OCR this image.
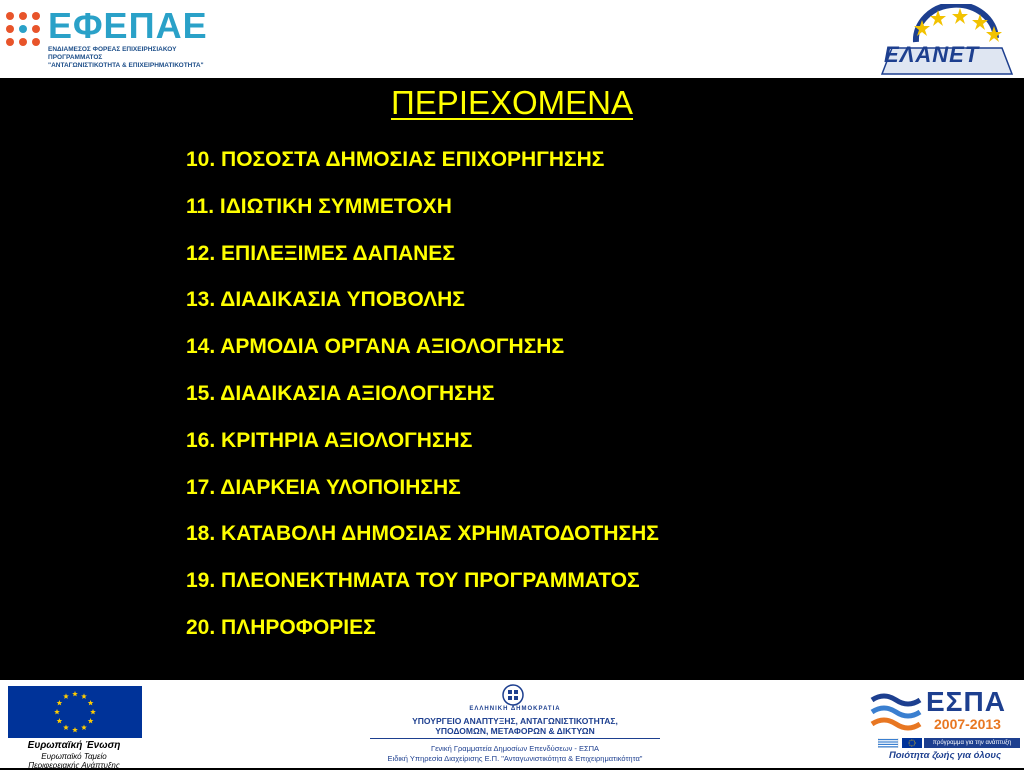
ΕΦΕΠΑΕ
ΕΝΔΙΑΜΕΣΟΣ ΦΟΡΕΑΣ ΕΠΙΧΕΙΡΗΣΙΑΚΟΥ ΠΡΟΓΡΑΜΜΑΤΟΣ
"ΑΝΤΑΓΩΝΙΣΤΙΚΟΤΗΤΑ & ΕΠΙΧΕΙΡΗΜΑΤΙΚΟΤΗΤΑ"	ΕΛΑΝΕΤ
ΠΕΡΙΕΧΟΜΕΝΑ
10. ΠΟΣΟΣΤΑ ΔΗΜΟΣΙΑΣ ΕΠΙΧΟΡΗΓΗΣΗΣ
11. ΙΔΙΩΤΙΚΗ ΣΥΜΜΕΤΟΧΗ
12. ΕΠΙΛΕΞΙΜΕΣ ΔΑΠΑΝΕΣ
13. ΔΙΑΔΙΚΑΣΙΑ ΥΠΟΒΟΛΗΣ
14. ΑΡΜΟΔΙΑ ΟΡΓΑΝΑ ΑΞΙΟΛΟΓΗΣΗΣ
15. ΔΙΑΔΙΚΑΣΙΑ ΑΞΙΟΛΟΓΗΣΗΣ
16. ΚΡΙΤΗΡΙΑ ΑΞΙΟΛΟΓΗΣΗΣ
17. ΔΙΑΡΚΕΙΑ ΥΛΟΠΟΙΗΣΗΣ
18. ΚΑΤΑΒΟΛΗ ΔΗΜΟΣΙΑΣ ΧΡΗΜΑΤΟΔΟΤΗΣΗΣ
19. ΠΛΕΟΝΕΚΤΗΜΑΤΑ ΤΟΥ ΠΡΟΓΡΑΜΜΑΤΟΣ
20. ΠΛΗΡΟΦΟΡΙΕΣ
Ευρωπαϊκή Ένωση
Ευρωπαϊκό Ταμείο
Περιφερειακής Ανάπτυξης
ΕΛΛΗΝΙΚΗ ΔΗΜΟΚΡΑΤΙΑ
ΥΠΟΥΡΓΕΙΟ ΑΝΑΠΤΥΞΗΣ, ΑΝΤΑΓΩΝΙΣΤΙΚΟΤΗΤΑΣ,
ΥΠΟΔΟΜΩΝ, ΜΕΤΑΦΟΡΩΝ & ΔΙΚΤΥΩΝ
Γενική Γραμματεία Δημοσίων Επενδύσεων - ΕΣΠΑ
Ειδική Υπηρεσία Διαχείρισης Ε.Π. "Ανταγωνιστικότητα & Επιχειρηματικότητα"
ΕΣΠΑ
2007-2013
πρόγραμμα για την ανάπτυξη
Ποιότητα ζωής για όλους
